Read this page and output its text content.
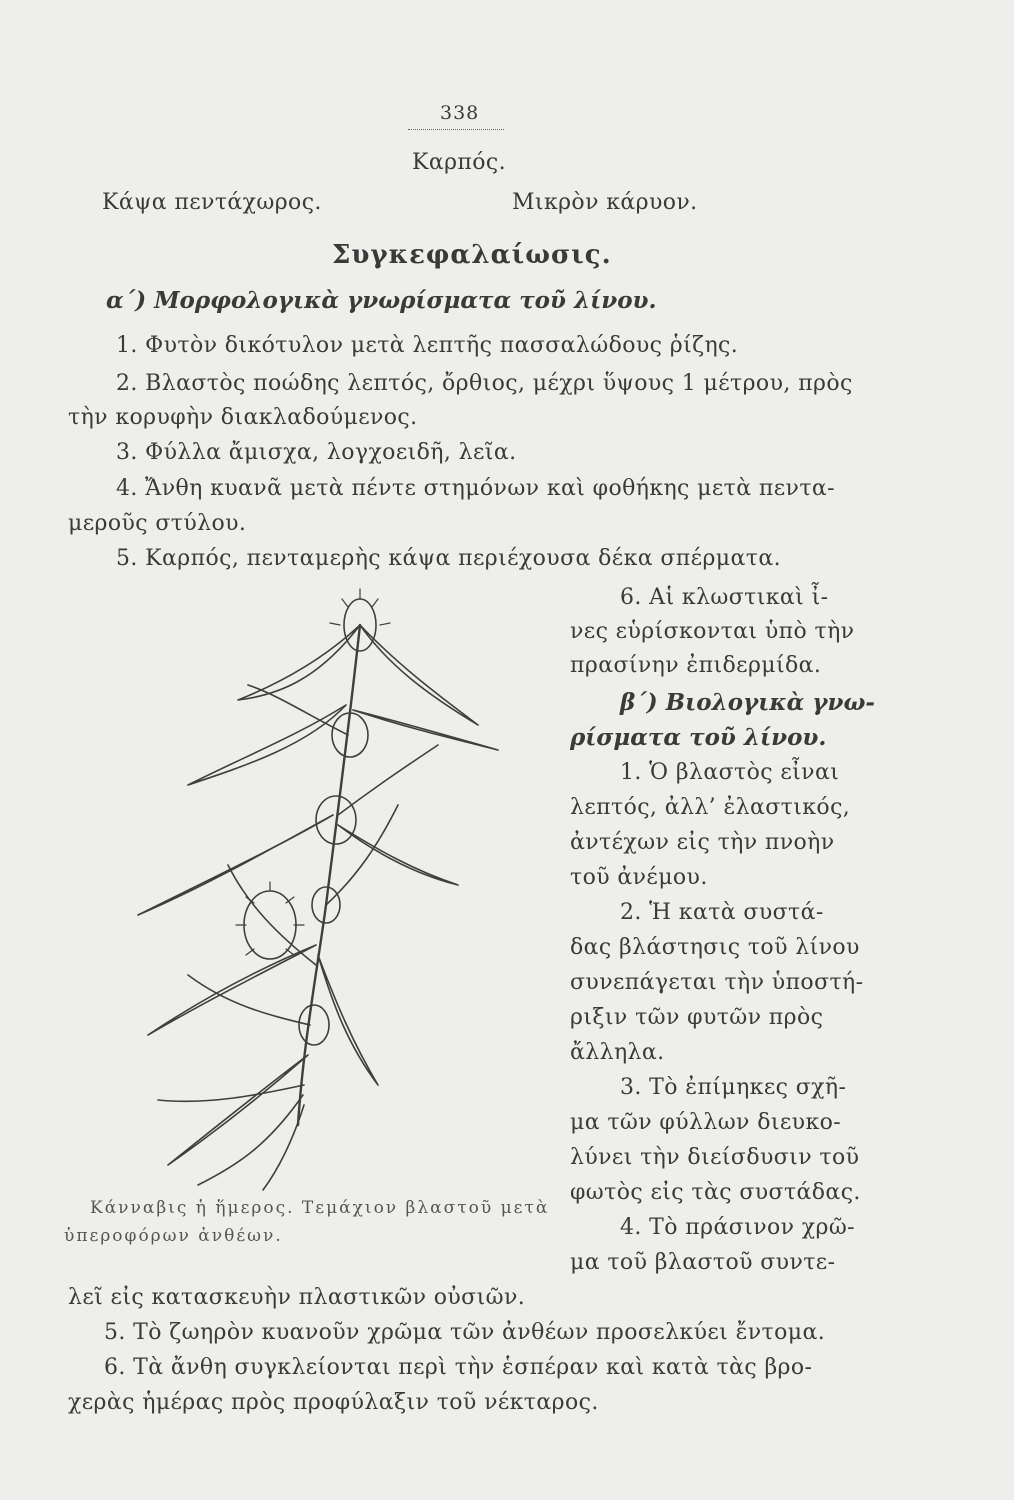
338
Καρπός.
Κάψα πεντάχωρος.	Μικρὸν κάρυον.
Συγκεφαλαίωσις.
α΄) Μορφολογικὰ γνωρίσματα τοῦ λίνου.
1. Φυτὸν δικότυλον μετὰ λεπτῆς πασσαλώδους ῥίζης.
2. Βλαστὸς ποώδης λεπτός, ὄρθιος, μέχρι ὕψους 1 μέτρου, πρὸς
τὴν κορυφὴν διακλαδούμενος.
3. Φύλλα ἄμισχα, λογχοειδῆ, λεῖα.
4. Ἄνθη κυανᾶ μετὰ πέντε στημόνων καὶ φοθήκης μετὰ πεντα-
μεροῦς στύλου.
5. Καρπός, πενταμερὴς κάψα περιέχουσα δέκα σπέρματα.
6. Αἱ κλωστικαὶ ἶ-
νες εὑρίσκονται ὑπὸ τὴν
πρασίνην ἐπιδερμίδα.
β΄) Βιολογικὰ γνω-
ρίσματα τοῦ λίνου.
1. Ὁ βλαστὸς εἶναι
λεπτός, ἀλλ’ ἐλαστικός,
ἀντέχων εἰς τὴν πνοὴν
τοῦ ἀνέμου.
2. Ἡ κατὰ συστά-
δας βλάστησις τοῦ λίνου
συνεπάγεται τὴν ὑποστή-
ριξιν τῶν φυτῶν πρὸς
ἄλληλα.
3. Τὸ ἐπίμηκες σχῆ-
μα τῶν φύλλων διευκο-
λύνει τὴν διείσδυσιν τοῦ
φωτὸς εἰς τὰς συστάδας.
4. Τὸ πράσινον χρῶ-
μα τοῦ βλαστοῦ συντε-
Κάνναβις ἡ ἥμερος. Τεμάχιον βλαστοῦ μετὰ
ὑπεροφόρων ἀνθέων.
λεῖ εἰς κατασκευὴν πλαστικῶν οὐσιῶν.
5. Τὸ ζωηρὸν κυανοῦν χρῶμα τῶν ἀνθέων προσελκύει ἔντομα.
6. Τὰ ἄνθη συγκλείονται περὶ τὴν ἑσπέραν καὶ κατὰ τὰς βρο-
χερὰς ἡμέρας πρὸς προφύλαξιν τοῦ νέκταρος.
